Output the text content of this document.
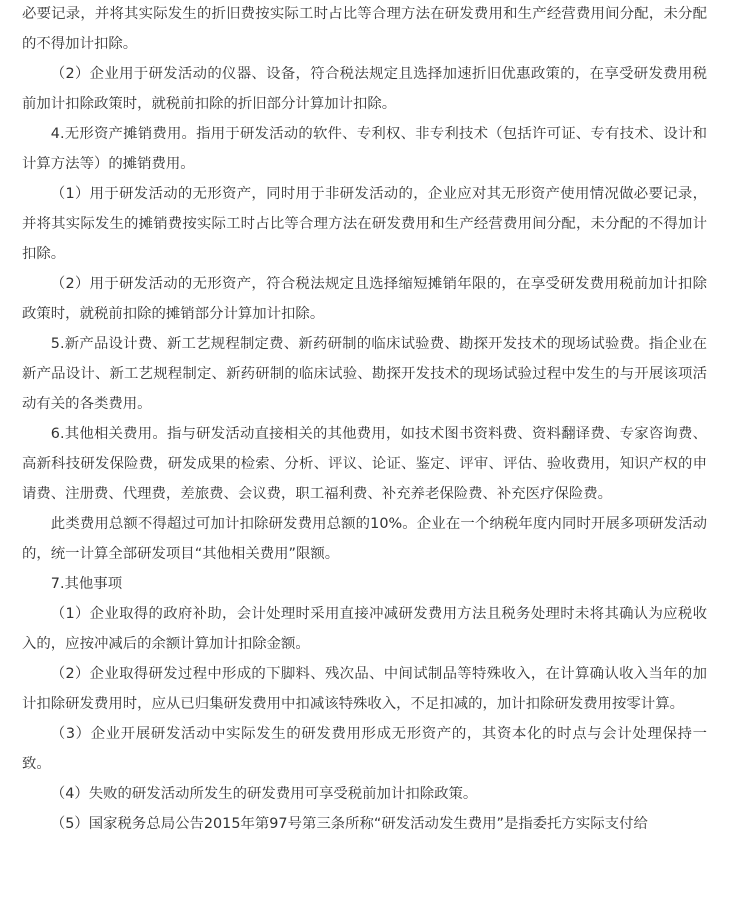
必要记录，并将其实际发生的折旧费按实际工时占比等合理方法在研发费用和生产经营费用间分配，未分配的不得加计扣除。

（2）企业用于研发活动的仪器、设备，符合税法规定且选择加速折旧优惠政策的，在享受研发费用税前加计扣除政策时，就税前扣除的折旧部分计算加计扣除。

4.无形资产摊销费用。指用于研发活动的软件、专利权、非专利技术（包括许可证、专有技术、设计和计算方法等）的摊销费用。

（1）用于研发活动的无形资产，同时用于非研发活动的，企业应对其无形资产使用情况做必要记录，并将其实际发生的摊销费按实际工时占比等合理方法在研发费用和生产经营费用间分配，未分配的不得加计扣除。

（2）用于研发活动的无形资产，符合税法规定且选择缩短摊销年限的，在享受研发费用税前加计扣除政策时，就税前扣除的摊销部分计算加计扣除。

5.新产品设计费、新工艺规程制定费、新药研制的临床试验费、勘探开发技术的现场试验费。指企业在新产品设计、新工艺规程制定、新药研制的临床试验、勘探开发技术的现场试验过程中发生的与开展该项活动有关的各类费用。

6.其他相关费用。指与研发活动直接相关的其他费用，如技术图书资料费、资料翻译费、专家咨询费、高新科技研发保险费，研发成果的检索、分析、评议、论证、鉴定、评审、评估、验收费用，知识产权的申请费、注册费、代理费，差旅费、会议费，职工福利费、补充养老保险费、补充医疗保险费。

此类费用总额不得超过可加计扣除研发费用总额的10%。企业在一个纳税年度内同时开展多项研发活动的，统一计算全部研发项目“其他相关费用”限额。

7.其他事项

（1）企业取得的政府补助，会计处理时采用直接冲减研发费用方法且税务处理时未将其确认为应税收入的，应按冲减后的余额计算加计扣除金额。

（2）企业取得研发过程中形成的下脚料、残次品、中间试制品等特殊收入，在计算确认收入当年的加计扣除研发费用时，应从已归集研发费用中扣减该特殊收入，不足扣减的，加计扣除研发费用按零计算。

（3）企业开展研发活动中实际发生的研发费用形成无形资产的，其资本化的时点与会计处理保持一致。

（4）失败的研发活动所发生的研发费用可享受税前加计扣除政策。

（5）国家税务总局公告2015年第97号第三条所称“研发活动发生费用”是指委托方实际支付给
